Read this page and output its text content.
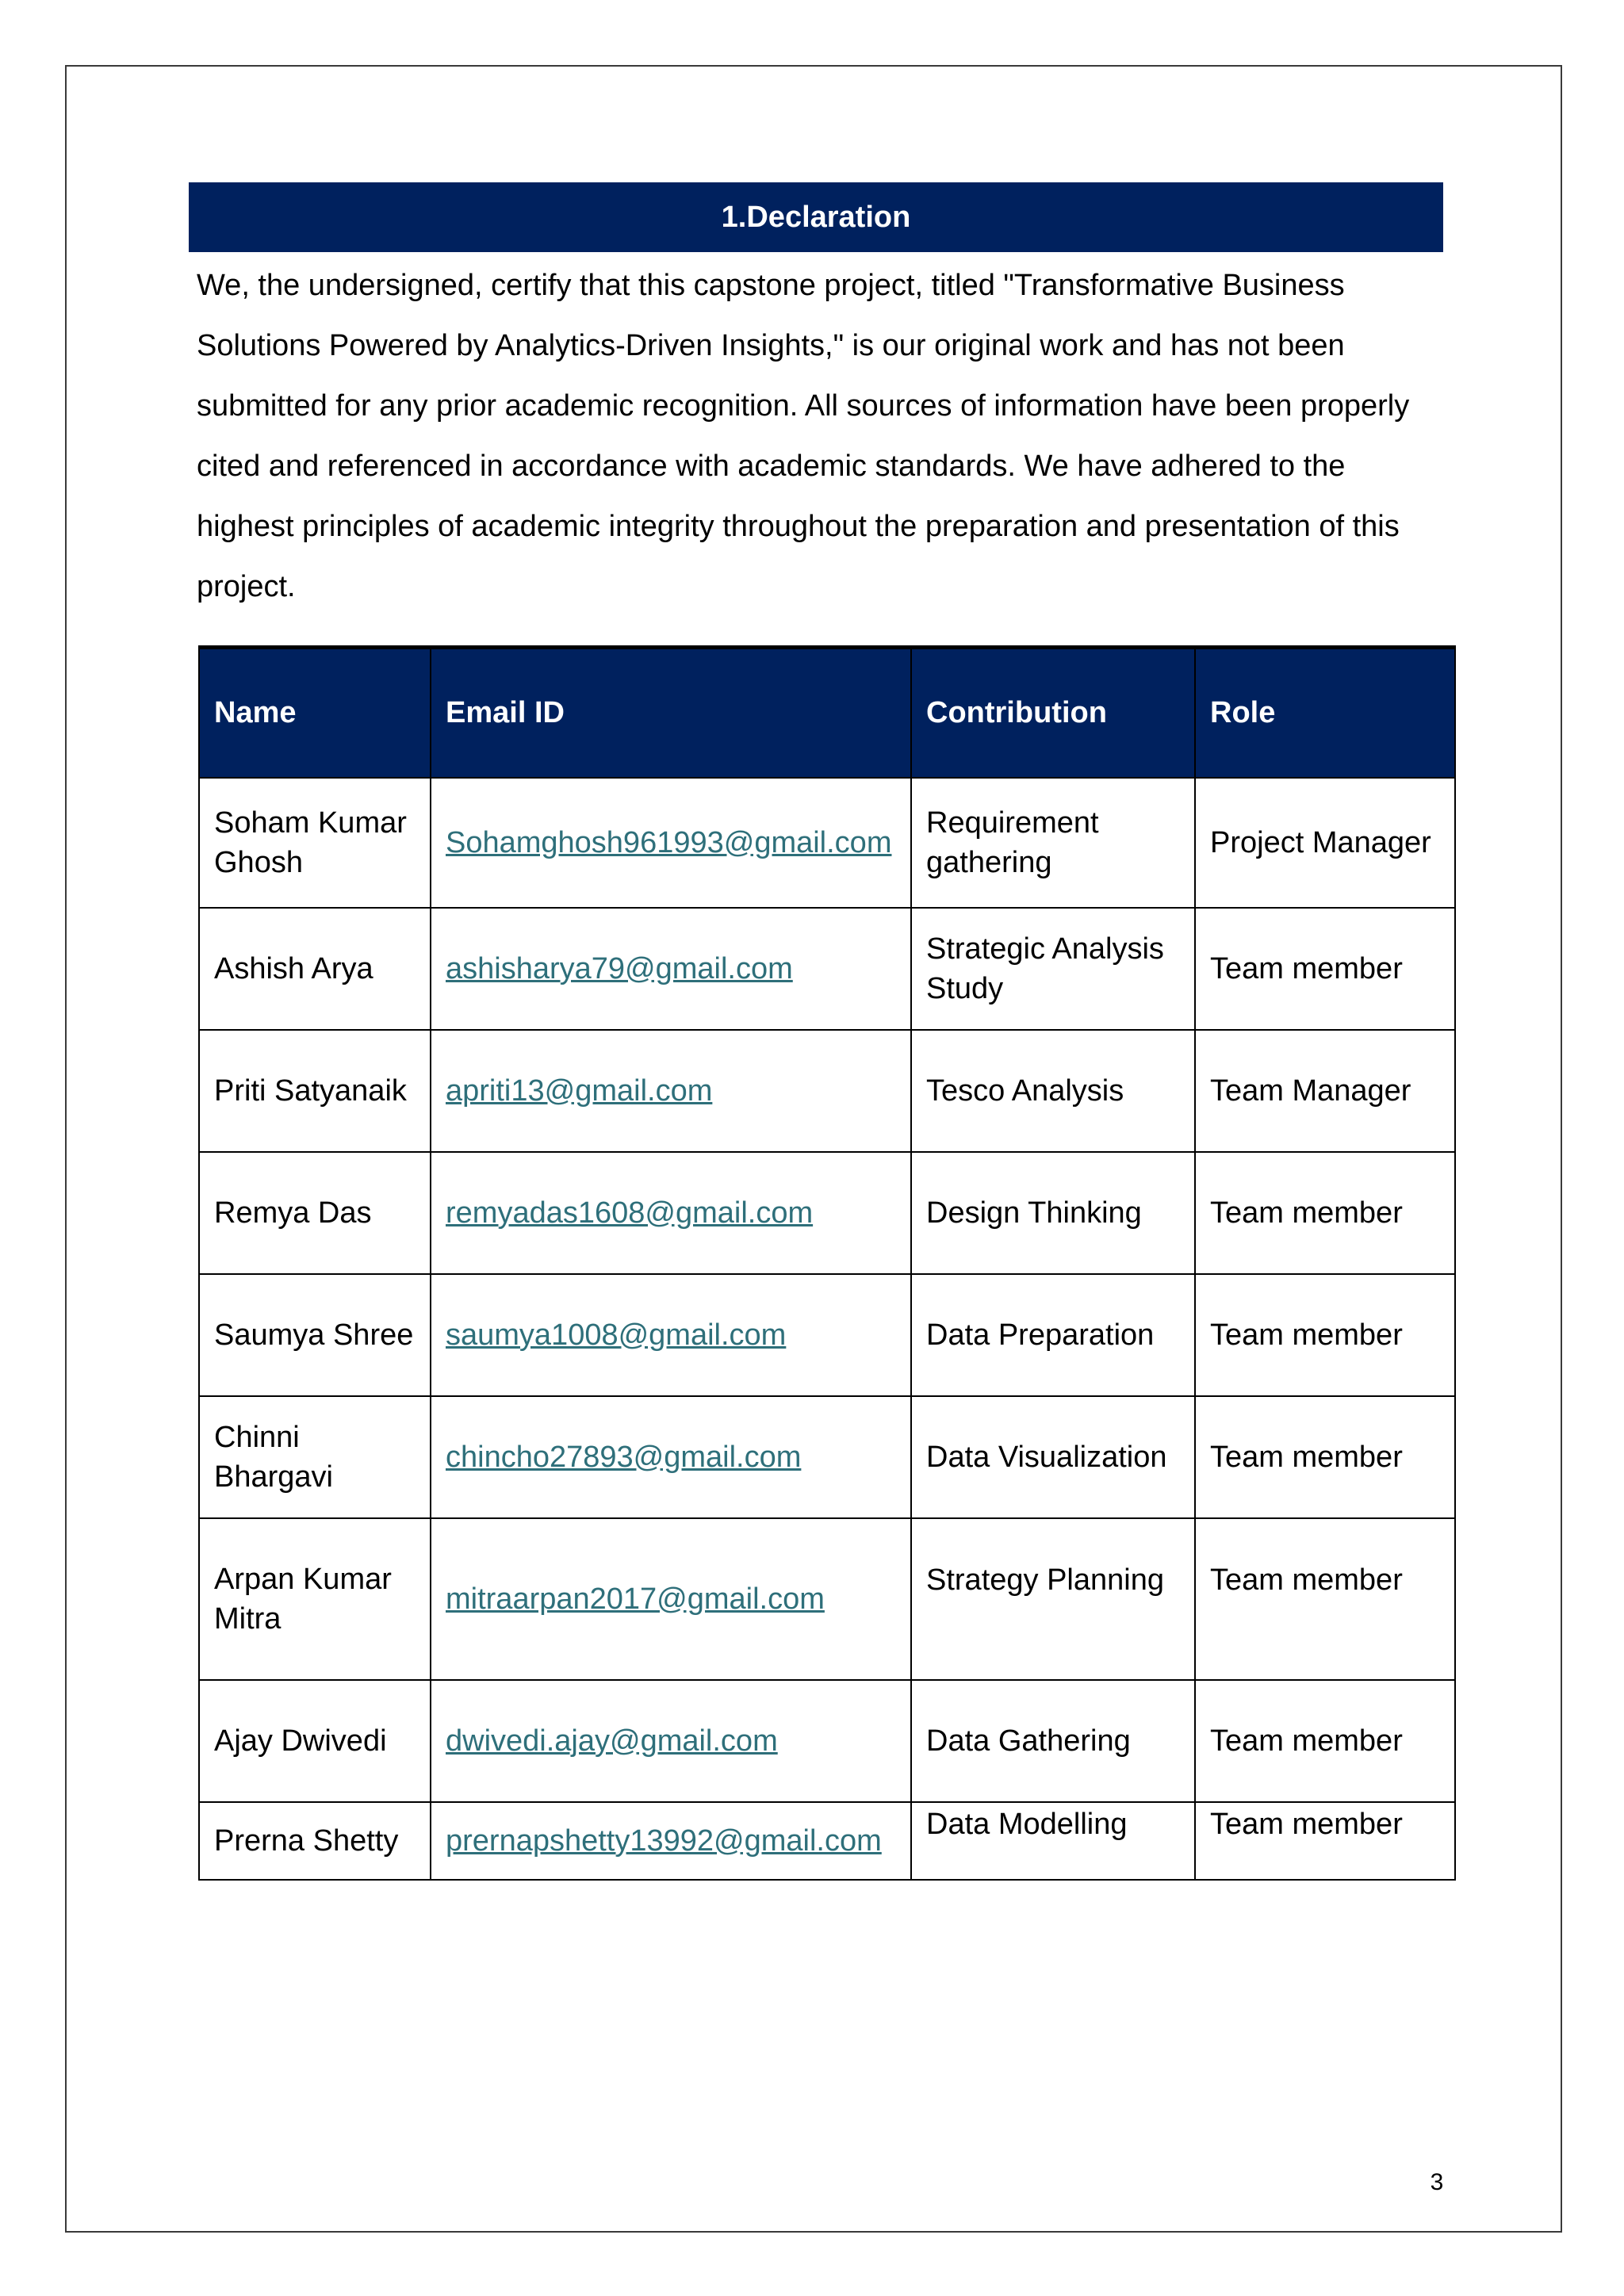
1.Declaration

We, the undersigned, certify that this capstone project, titled "Transformative Business Solutions Powered by Analytics-Driven Insights," is our original work and has not been submitted for any prior academic recognition. All sources of information have been properly cited and referenced in accordance with academic standards. We have adhered to the highest principles of academic integrity throughout the preparation and presentation of this project.

Name	Email ID	Contribution	Role
Soham Kumar Ghosh	Sohamghosh961993@gmail.com	Requirement gathering	Project Manager
Ashish Arya	ashisharya79@gmail.com	Strategic Analysis Study	Team member
Priti Satyanaik	apriti13@gmail.com	Tesco Analysis	Team Manager
Remya Das	remyadas1608@gmail.com	Design Thinking	Team member
Saumya Shree	saumya1008@gmail.com	Data Preparation	Team member
Chinni Bhargavi	chincho27893@gmail.com	Data Visualization	Team member
Arpan Kumar Mitra	mitraarpan2017@gmail.com	Strategy Planning	Team member
Ajay Dwivedi	dwivedi.ajay@gmail.com	Data Gathering	Team member
Prerna Shetty	prernapshetty13992@gmail.com	Data Modelling	Team member
3
